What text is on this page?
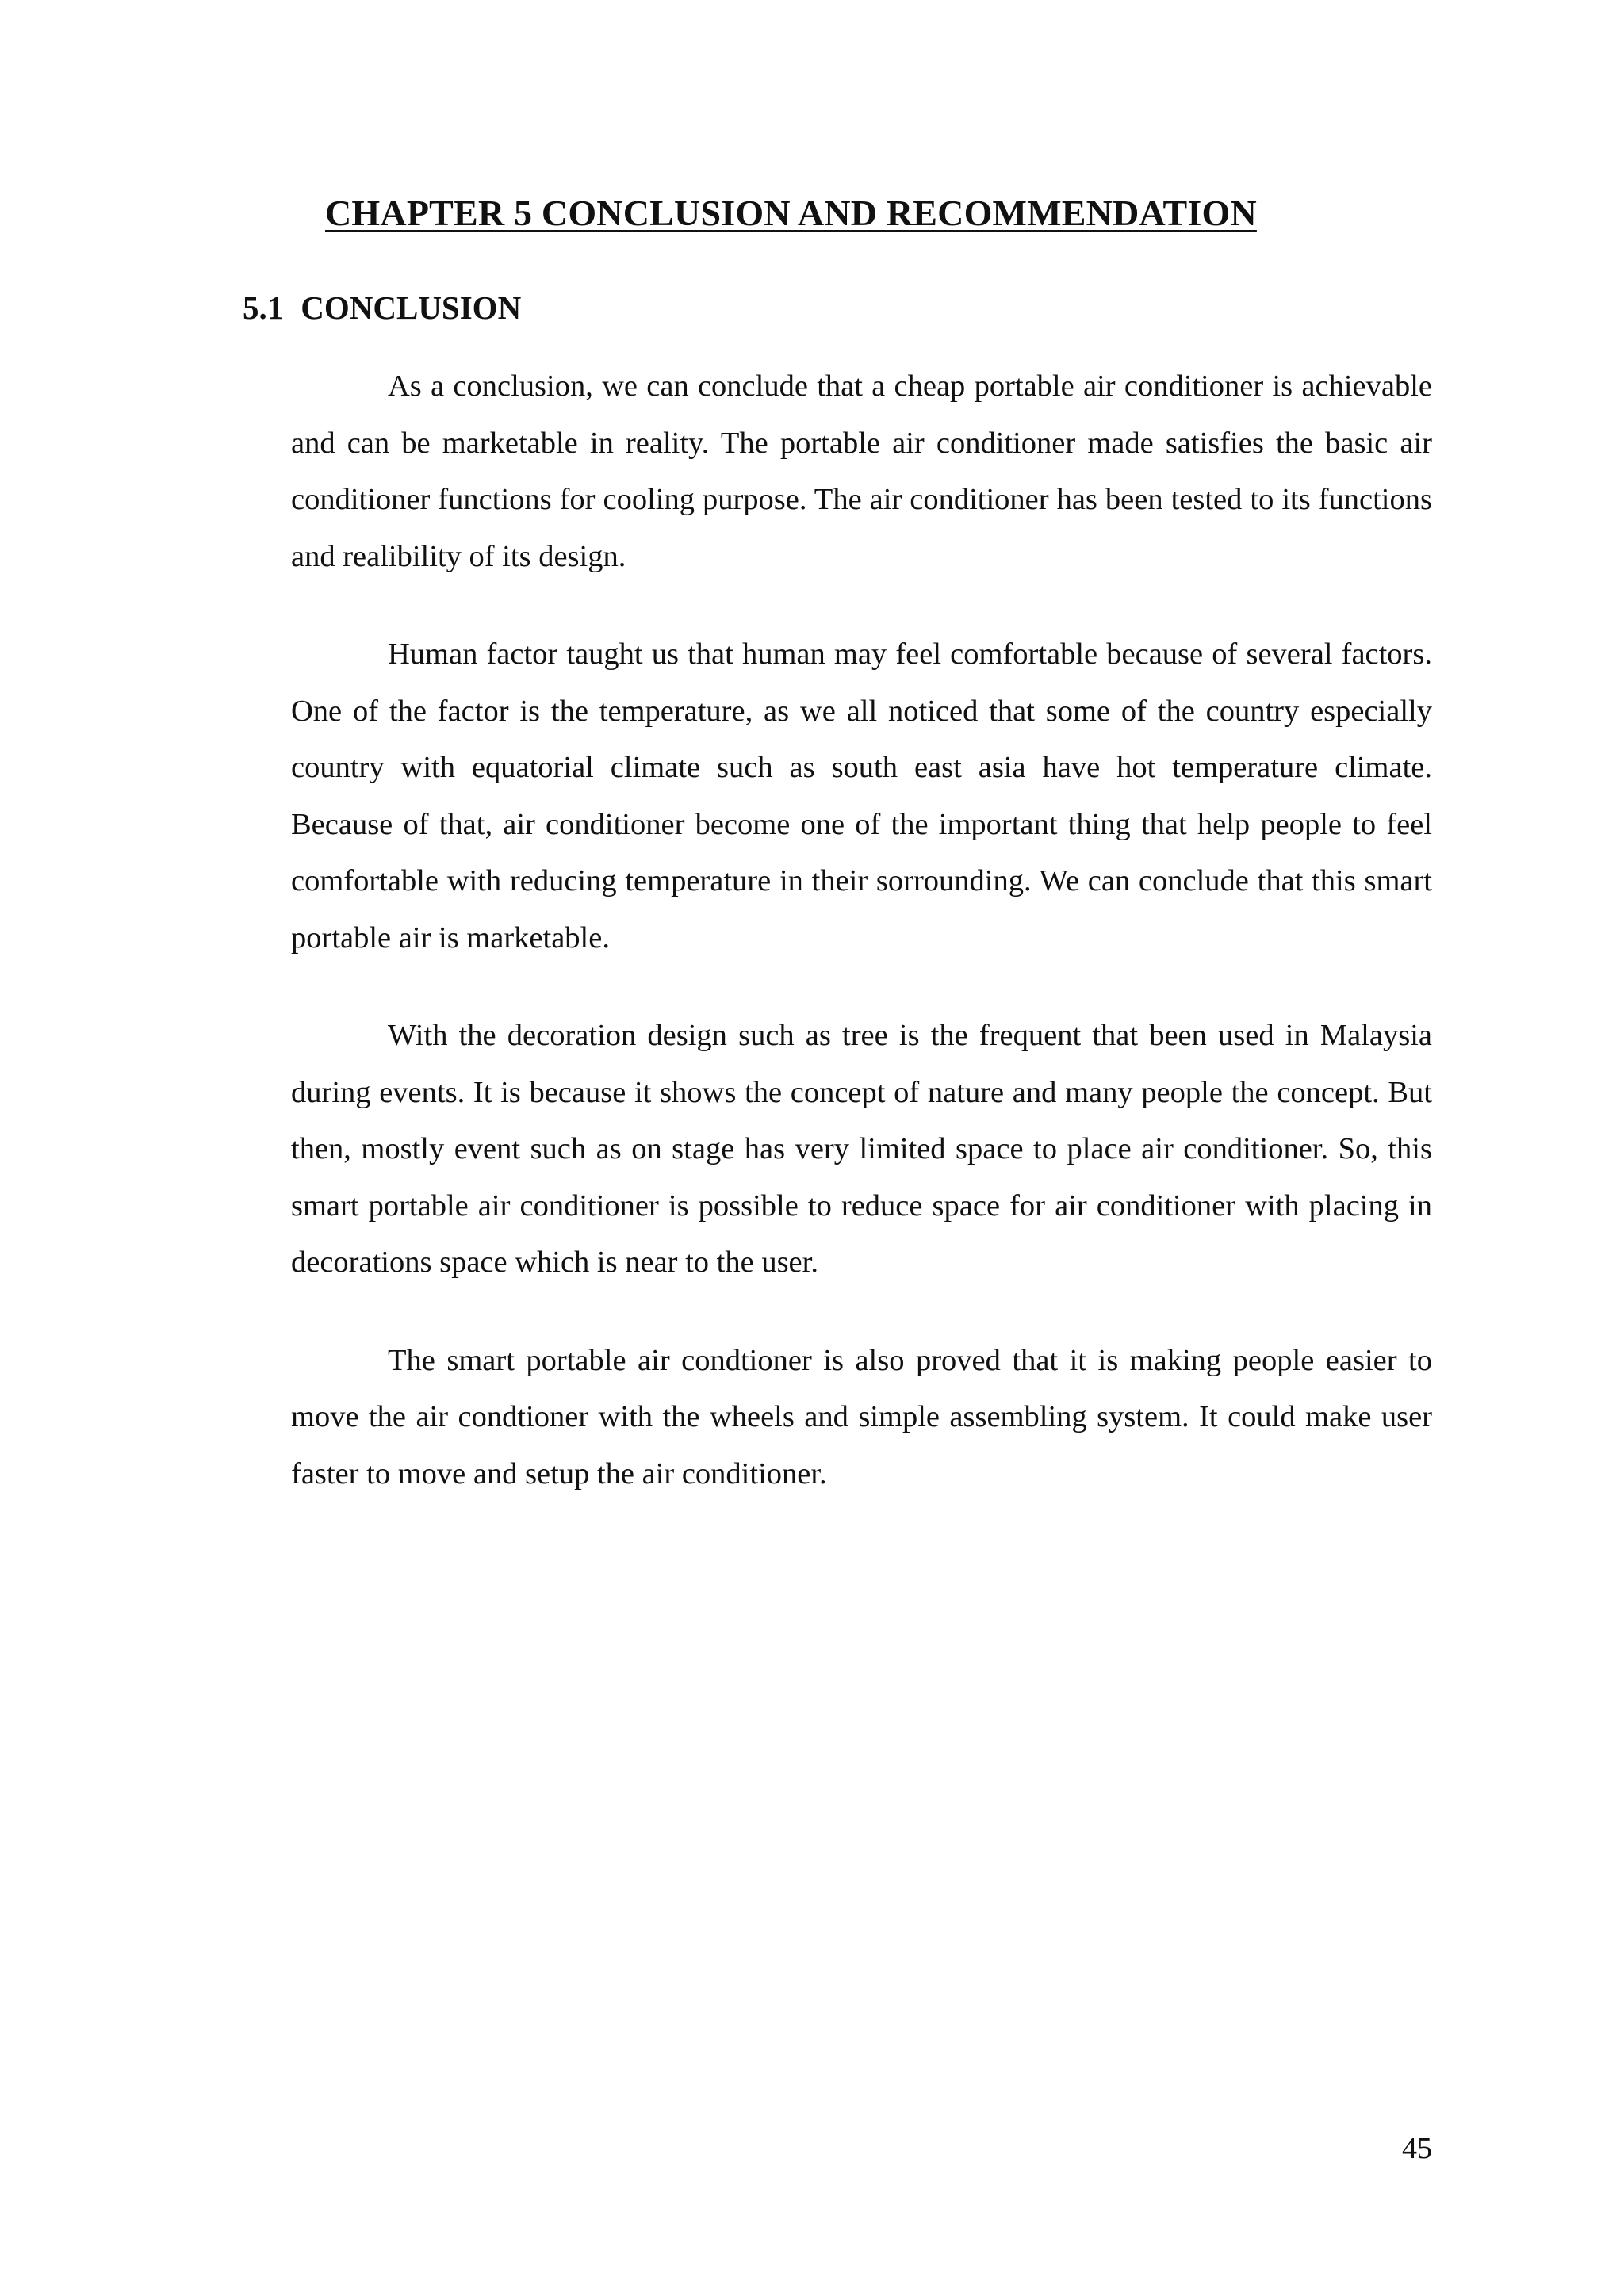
CHAPTER 5 CONCLUSION AND RECOMMENDATION
5.1 CONCLUSION

As a conclusion, we can conclude that a cheap portable air conditioner is achievable and can be marketable in reality. The portable air conditioner made satisfies the basic air conditioner functions for cooling purpose. The air conditioner has been tested to its functions and realibility of its design.

Human factor taught us that human may feel comfortable because of several factors. One of the factor is the temperature, as we all noticed that some of the country especially country with equatorial climate such as south east asia have hot temperature climate. Because of that, air conditioner become one of the important thing that help people to feel comfortable with reducing temperature in their sorrounding. We can conclude that this smart portable air is marketable.

With the decoration design such as tree is the frequent that been used in Malaysia during events. It is because it shows the concept of nature and many people the concept. But then, mostly event such as on stage has very limited space to place air conditioner. So, this smart portable air conditioner is possible to reduce space for air conditioner with placing in decorations space which is near to the user.

The smart portable air condtioner is also proved that it is making people easier to move the air condtioner with the wheels and simple assembling system. It could make user faster to move and setup the air conditioner.

45
